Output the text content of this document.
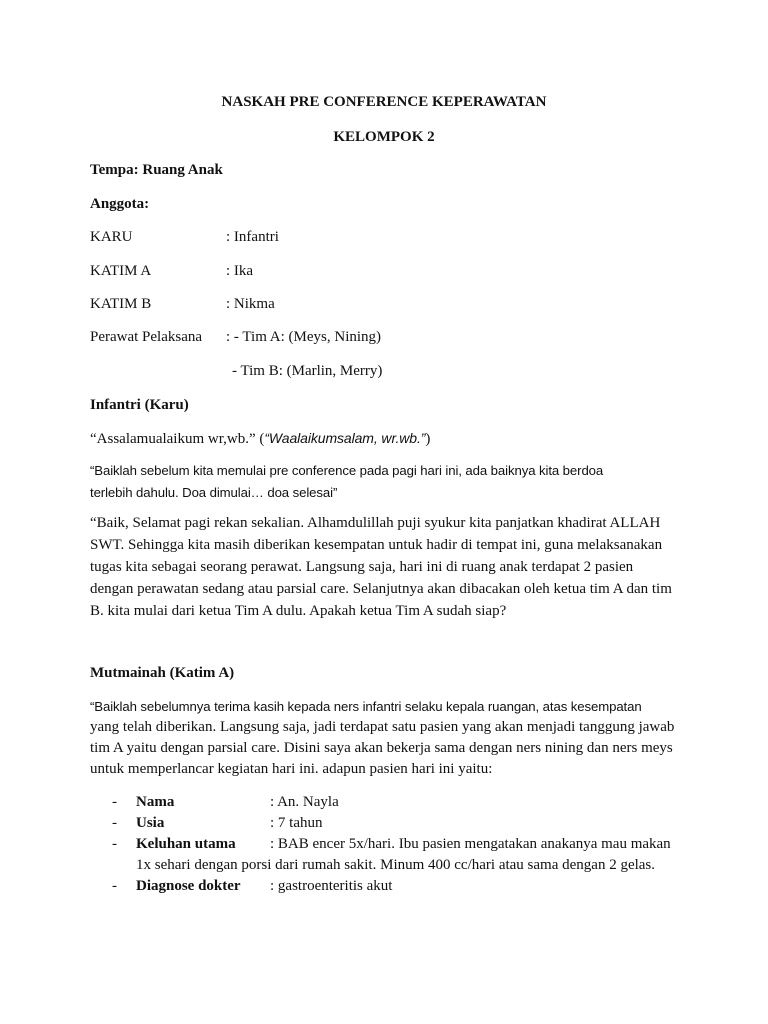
NASKAH PRE CONFERENCE KEPERAWATAN
KELOMPOK 2
Tempa: Ruang Anak
Anggota:
KARU	: Infantri
KATIM A	: Ika
KATIM B	: Nikma
Perawat Pelaksana : - Tim A: (Meys, Nining)
- Tim B: (Marlin, Merry)
Infantri (Karu)
“Assalamualaikum wr,wb.” (“Waalaikumsalam, wr.wb.”)

“Baiklah sebelum kita memulai pre conference pada pagi hari ini, ada baiknya kita berdoa

terlebih dahulu. Doa dimulai… doa selesai”

“Baik, Selamat pagi rekan sekalian. Alhamdulillah puji syukur kita panjatkan khadirat ALLAH

SWT. Sehingga kita masih diberikan kesempatan untuk hadir di tempat ini, guna melaksanakan

tugas kita sebagai seorang perawat. Langsung saja, hari ini di ruang anak terdapat 2 pasien

dengan perawatan sedang atau parsial care. Selanjutnya akan dibacakan oleh ketua tim A dan tim

B. kita mulai dari ketua Tim A dulu. Apakah ketua Tim A sudah siap?

Mutmainah (Katim A)

“Baiklah sebelumnya terima kasih kepada ners infantri selaku kepala ruangan, atas kesempatan

yang telah diberikan. Langsung saja, jadi terdapat satu pasien yang akan menjadi tanggung jawab

tim A yaitu dengan parsial care. Disini saya akan bekerja sama dengan ners nining dan ners meys

untuk memperlancar kegiatan hari ini. adapun pasien hari ini yaitu:

- Nama	: An. Nayla
- Usia	: 7 tahun
- Keluhan utama : BAB encer 5x/hari. Ibu pasien mengatakan anakanya mau makan
1x sehari dengan porsi dari rumah sakit. Minum 400 cc/hari atau sama dengan 2 gelas.
- Diagnose dokter : gastroenteritis akut
